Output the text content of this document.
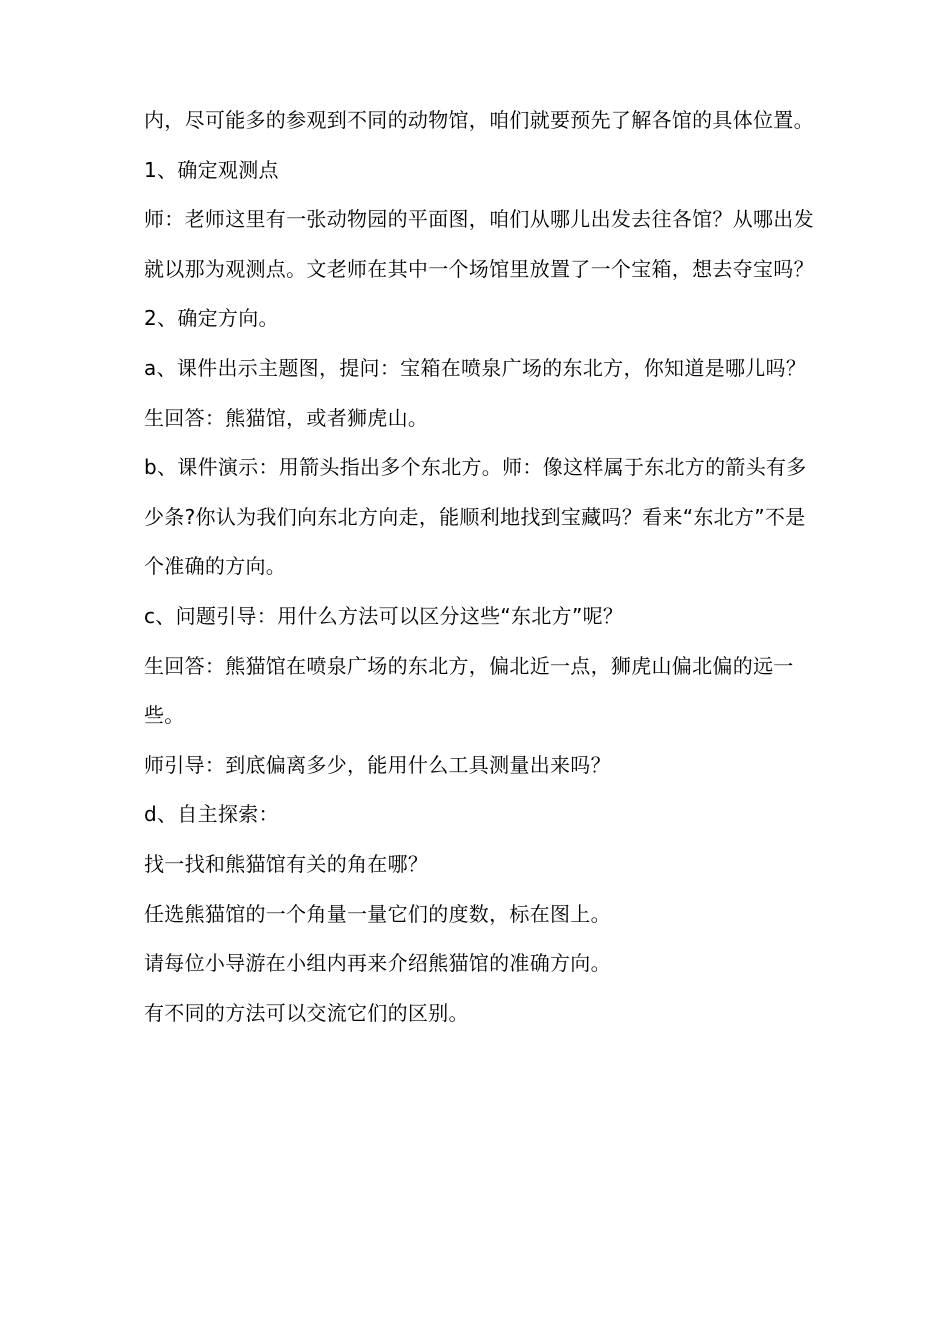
内，尽可能多的参观到不同的动物馆，咱们就要预先了解各馆的具体位置。

1、确定观测点

师：老师这里有一张动物园的平面图，咱们从哪儿出发去往各馆？从哪出发就以那为观测点。文老师在其中一个场馆里放置了一个宝箱，想去夺宝吗？

2、确定方向。

a、课件出示主题图，提问：宝箱在喷泉广场的东北方，你知道是哪儿吗？

生回答：熊猫馆，或者狮虎山。

b、课件演示：用箭头指出多个东北方。师：像这样属于东北方的箭头有多少条?你认为我们向东北方向走，能顺利地找到宝藏吗？看来“东北方”不是个准确的方向。

c、问题引导：用什么方法可以区分这些“东北方”呢？

生回答：熊猫馆在喷泉广场的东北方，偏北近一点，狮虎山偏北偏的远一些。

师引导：到底偏离多少，能用什么工具测量出来吗？

d、自主探索：

找一找和熊猫馆有关的角在哪？

任选熊猫馆的一个角量一量它们的度数，标在图上。

请每位小导游在小组内再来介绍熊猫馆的准确方向。

有不同的方法可以交流它们的区别。
